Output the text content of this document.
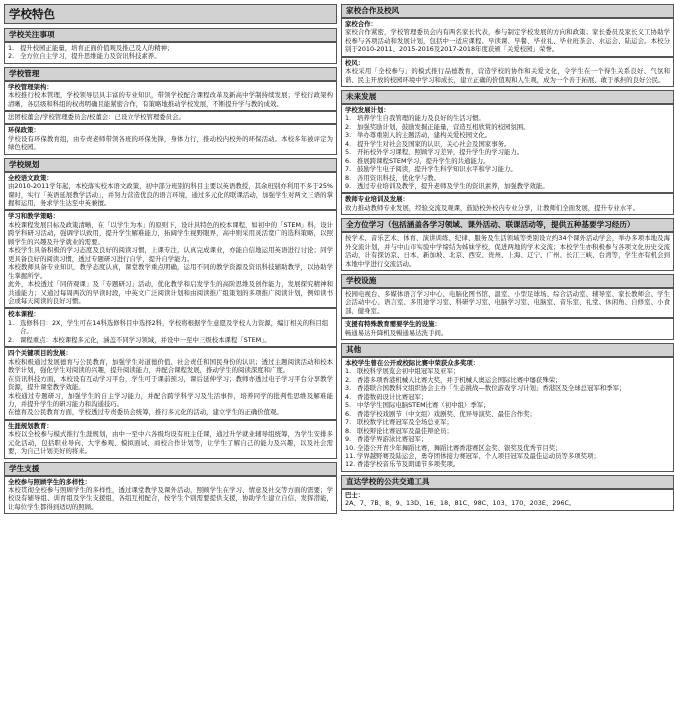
学校特色
学校关注事项
1. 提升校园正能量，培育正面价值观及推己及人的精神；
2. 全方位自主学习，提升思维能力及资讯科技素养。
学校管理
学校管理架构：
本校推行校本管理，学校领导层具丰富的专业知识，带领学校配合课程改革及新高中学制持续发展；学校行政架构清晰，各层级和科组的权责明确且能紧密合作，有策略地推动学校发展，不断提升学与教的成效。
法团校董会/学校管理委员会/校董会：已设立学校管理委员会。
环保政策：
学校设有环保教育组，由专责老师带领各班的环保先锋，身体力行，推动校内校外的环保活动。本校多年被评定为绿色校园。
学校规划
全校语文政策：
由2010-2011学年起，本校落实校本语文政策，初中部分班别的科目主要以英语教授，其余班别亦利用不多于25%课时，实行「英语延展教学活动」，并努力营造优良的语言环境，通过多元化的联课活动，加强学生对两文三语的掌握和运用，务求学生达至中英兼擅。
学习和教学策略：
本校课程发展目标及政策清晰，在「以学生为本」的原则下，设计具特色的校本课程，如初中的「STEM」科，设计跨学科研习活动，强调学以致用，提升学生解难能力，拓阔学生视野眼界，高中则采用灵活宽广的选科策略，以照顾学生的兴趣及升学就业的需要。
本校学生具备积极的学习态度及良好的阅读习惯，上课专注，认真完成课业，亦能自信地运用英语进行讨论；同学更具备良好的阅读习惯，透过专题研习进行自学，提升自学能力。
本校教师具备专业知识，教学态度认真，课堂教学重点明确，运用不同的教学资源及资讯科技辅助教学，以协助学生掌握所学。
此外，本校透过「同侪观课」及「专题研习」活动，优化教学和启发学生的高阶思维及创作能力，发展探究精神和共通能力；又通过每周两次的早读时段，中英文广泛阅读计划和由阅读推广组策划的多项推广阅读计划，例如读书会或每天阅读的良好习惯。
校本课程：
1. 选修科目：2X，学生可在14科选修科目中选择2科，学校将根据学生意愿及学校人力资源，编订相关的科目组合。
2. 课程重点：本校课程多元化，涵盖不同学习领域，并设中一至中三级校本课程「STEM」。
四个关键项目的发展：
本校积极通过发展德育与公民教育，加强学生对道德价值、社会责任和国民身份的认识；透过主题阅读活动和校本教学计划，强化学生对阅读的兴趣，提升阅读能力，并配合课程发展，推动学生的阅读深度和广度。
在资讯科技方面，本校设有互动学习平台，学生可于课前预习，课后延伸学习；教师亦透过电子学习平台分享教学资源，提升课堂教学效能。
本校通过专题研习，加强学生的自主学习能力，并配合跨学科学习及生活事件，培养同学的批判性思维及解难能力，并提升学生的研习能力和沟通技巧。
在德育及公民教育方面，学校透过专责委员会统筹，推行多元化的活动，建立学生的正确价值观。
生涯规划教育：
本校以全校参与模式推行生涯规划，由中一至中六各级均设有班主任课，通过升学就业辅导组统筹，为学生安排多元化活动，包括职业导向、大学参观、模拟面试、商校合作计划等，让学生了解自己的能力及兴趣，以及社会需要，为自己计划美好的将来。
学生支援
全校参与照顾学生的多样性：
本校贯彻全校参与照顾学生的多样性，透过课堂教学及课外活动，照顾学生在学习、情意及社交等方面的需要；学校设有辅导组、训育组及学生支援组，各组互相配合，按学生个别需要提供支援，协助学生建立自信，发挥潜能，让每位学生都得到适切的照顾。
家校合作及校风
家校合作：
家校合作紧密，学校管理委员会内有两名家长代表，参与制定学校发展的方向和政策；家长委员及家长义工协助学校参与各项活动和发展计划，包括中一适应课程、早读课、早餐、毕业礼、毕业班茶会、水运会、陆运会。本校分别于2010-2011、2015-2016及2017-2018年度获颁「关爱校园」荣誉。
校风：
本校采用「全校参与」的模式推行品德教育，营造学校的协作和关爱文化，令学生在一个得生关系良好、气氛和谐、民主开放的校园环境中学习和成长，建立正确的价值观和人生观，成为一个善于拓展、敢于承担的良好公民。
未来发展
学校发展计划：
1. 培养学生自我管理的能力及良好的生活习惯。
2. 加强奖励计划，鼓励发掘正能量，营造互相欣赏的校园氛围。
3. 举办尊重别人的主题活动，建构关爱校园文化。
4. 提升学生对社会及国家的认识，关心社会及国家事务。
5. 开拓校外学习课程，照顾学习差异，提升学生的学习能力。
6. 推展跨课程STEM学习，提升学生的共通能力。
7. 鼓励学生电子阅读，提升学生科学知识水平和学习能力。
8. 善用资讯科技，优化学与教。
9. 透过专业培训及教学，提升老师及学生的资讯素养，加强教学效能。
教师专业培训及发展：
致力推动教师专业发展，经验交流及观课，鼓励校外校内专业分享，让教师们全面发展，提升专业水平。
全方位学习（包括涵盖各学习领域、课外活动、联课活动等，提供五种基要学习经历）
按学术、音乐艺术、体育、演讲训练、纪律、服务及生活领域等类别设立约34个课外活动学会，举办多项本地及海外交流计划，并与中山市实验中学缔结为姊妹学校，促进两地的学术交流；本校学生亦积极参与各项文化历史交流活动，计有探访京、日本、新加坡、北京、西安、贵州、上海、辽宁、广州、长江三峡、台湾等，学生亦有机会到本地中学进行交流活动。
学校设施
校园电视台、多媒体语言学习中心、电脑化图书馆、温室、小型足球场、综合活动室、辅导室、家长教师会、学生会活动中心、语言室、多用途学习室、科研学习室、电脑学习室、电脑室、音乐室、礼堂、休闲角、自修室、小食部、健身室。
支援有特殊教育需要学生的设施：
畅通易达升降机及暢通易达洗手间。
其他
本校学生曾在公开或校际比赛中荣获众多奖项：
1. 联校科学展览会初中组冠军及亚军；
2. 香港多项香港机械人比赛大奖，并于机械人奥运会国际比赛中屡获殊荣；
3. 香港联合国教科文组织协会主办「生态挑战—数位游戏学习计划」香港区及全球总冠军和季军；
4. 香港数码设计比赛冠军；
5. 中华学生国际电脑STEM比赛（初中组）季军；
6. 香港学校戏剧节（中文组）戏剧奖、优异导演奖、最佳合作奖；
7. 联校数学比赛冠军及全场总亚军；
8. 联校辩论比赛冠军及最佳辩论员；
9. 香港学界游泳比赛冠军；
10. 全港公开青少年舞蹈比赛，舞蹈比赛香港赛区金奖、银奖及优秀节目奖；
11. 学界越野赛及陆运会，勇夺团体接力赛冠军、个人项目冠军及最佳运动员等多项奖项；
12. 香港学校音乐节及朗诵节多项奖项。
直达学校的公共交通工具
巴士：
2A、7、7B、8、9、13D、16、18、81C、98C、103、170、203E、296C。
